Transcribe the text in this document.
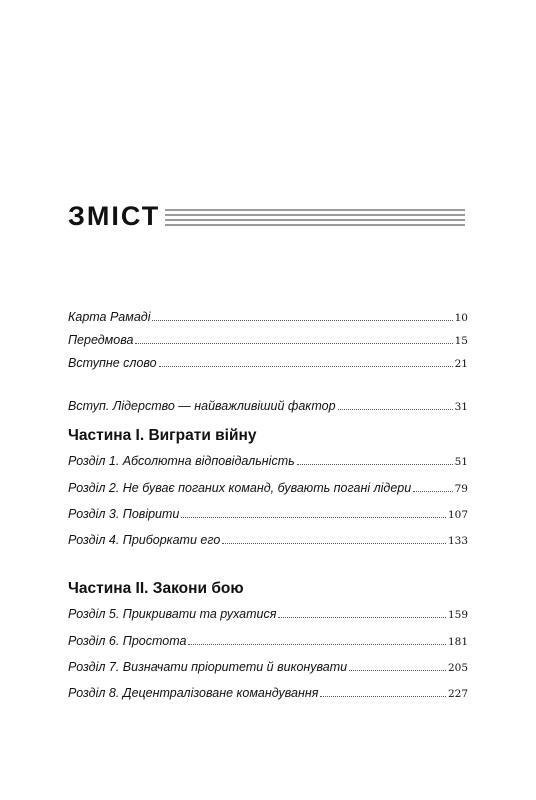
ЗМІСТ
Карта Рамаді	10
Передмова	15
Вступне слово	21
Вступ. Лідерство — найважливіший фактор	31
Частина І. Виграти війну
Розділ 1. Абсолютна відповідальність	51
Розділ 2. Не буває поганих команд, бувають погані лідери	79
Розділ 3. Повірити	107
Розділ 4. Приборкати его	133
Частина ІІ. Закони бою
Розділ 5. Прикривати та рухатися	159
Розділ 6. Простота	181
Розділ 7. Визначати пріоритети й виконувати	205
Розділ 8. Децентралізоване командування	227
